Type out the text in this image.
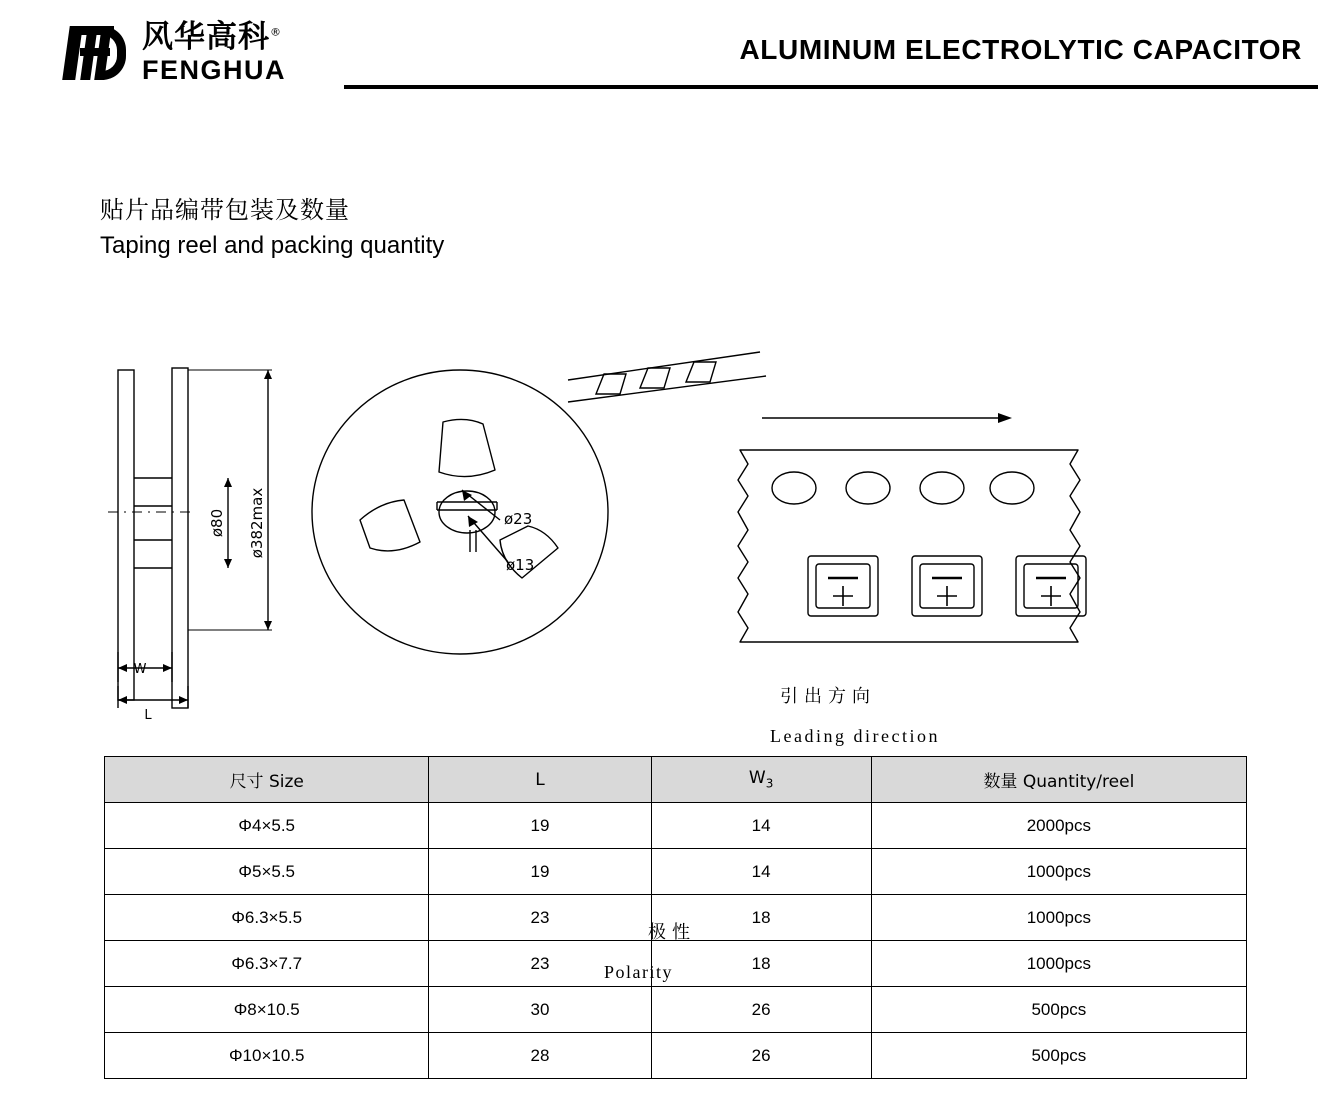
风华高科®
FENGHUA
ALUMINUM ELECTROLYTIC CAPACITOR
贴片品编带包装及数量
Taping reel and packing quantity
ø80 ø382max
W
L
ø23
ø13
引出方向
Leading direction
极性
Polarity
尺寸 Size	L	$W_3$	数量 Quantity/reel
Φ4×5.5	19	14	2000pcs
Φ5×5.5	19	14	1000pcs
Φ6.3×5.5	23	18	1000pcs
Φ6.3×7.7	23	18	1000pcs
Φ8×10.5	30	26	500pcs
Φ10×10.5	28	26	500pcs
